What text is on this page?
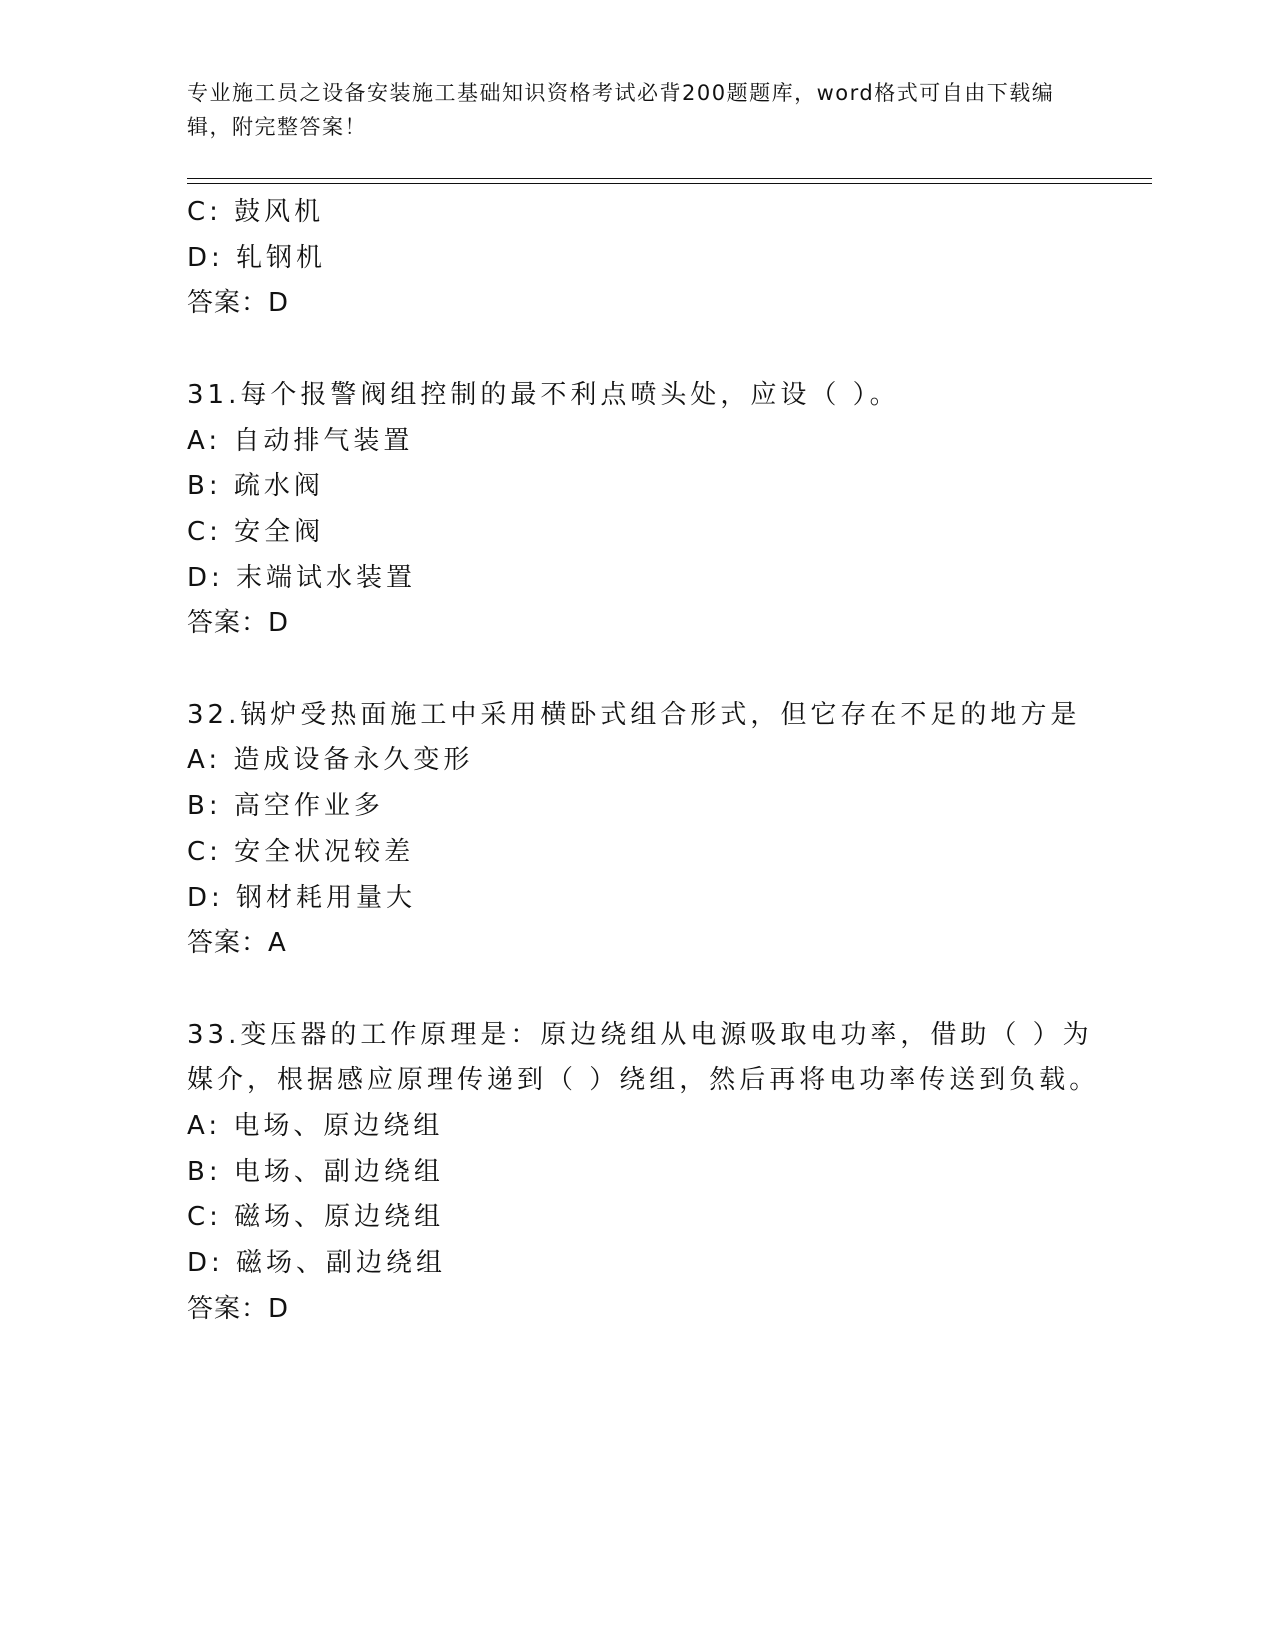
专业施工员之设备安装施工基础知识资格考试必背200题题库，word格式可自由下载编辑，附完整答案！
C: 鼓风机
D: 轧钢机
答案：D
31.每个报警阀组控制的最不利点喷头处，应设（ ）。
A: 自动排气装置
B: 疏水阀
C: 安全阀
D: 末端试水装置
答案：D
32.锅炉受热面施工中采用横卧式组合形式，但它存在不足的地方是
A: 造成设备永久变形
B: 高空作业多
C: 安全状况较差
D: 钢材耗用量大
答案：A
33.变压器的工作原理是：原边绕组从电源吸取电功率，借助（ ）为
媒介，根据感应原理传递到（ ）绕组，然后再将电功率传送到负载。
A: 电场、原边绕组
B: 电场、副边绕组
C: 磁场、原边绕组
D: 磁场、副边绕组
答案：D
